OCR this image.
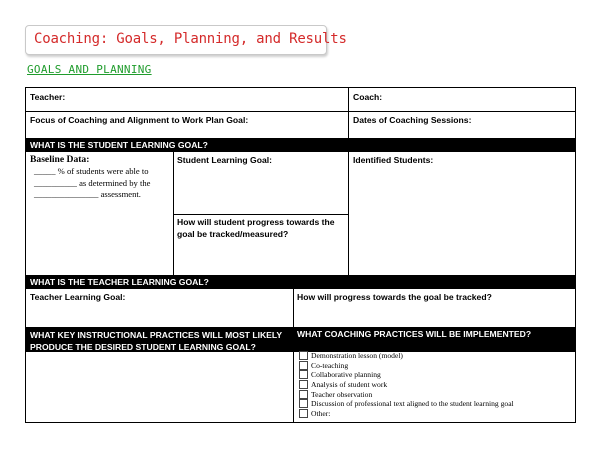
Coaching: Goals, Planning, and Results
GOALS AND PLANNING
Teacher:	Coach:
Focus of Coaching and Alignment to Work Plan Goal:	Dates of Coaching Sessions:
WHAT IS THE STUDENT LEARNING GOAL?
Baseline Data:
_____ % of students were able to
__________ as determined by the
_______________ assessment.
Student Learning Goal:	Identified Students:
How will student progress towards the goal be tracked/measured?
WHAT IS THE TEACHER LEARNING GOAL?
Teacher Learning Goal:	How will progress towards the goal be tracked?
WHAT KEY INSTRUCTIONAL PRACTICES WILL MOST LIKELY PRODUCE THE DESIRED STUDENT LEARNING GOAL?
WHAT COACHING PRACTICES WILL BE IMPLEMENTED?
Demonstration lesson (model)
Co-teaching
Collaborative planning
Analysis of student work
Teacher observation
Discussion of professional text aligned to the student learning goal
Other:
